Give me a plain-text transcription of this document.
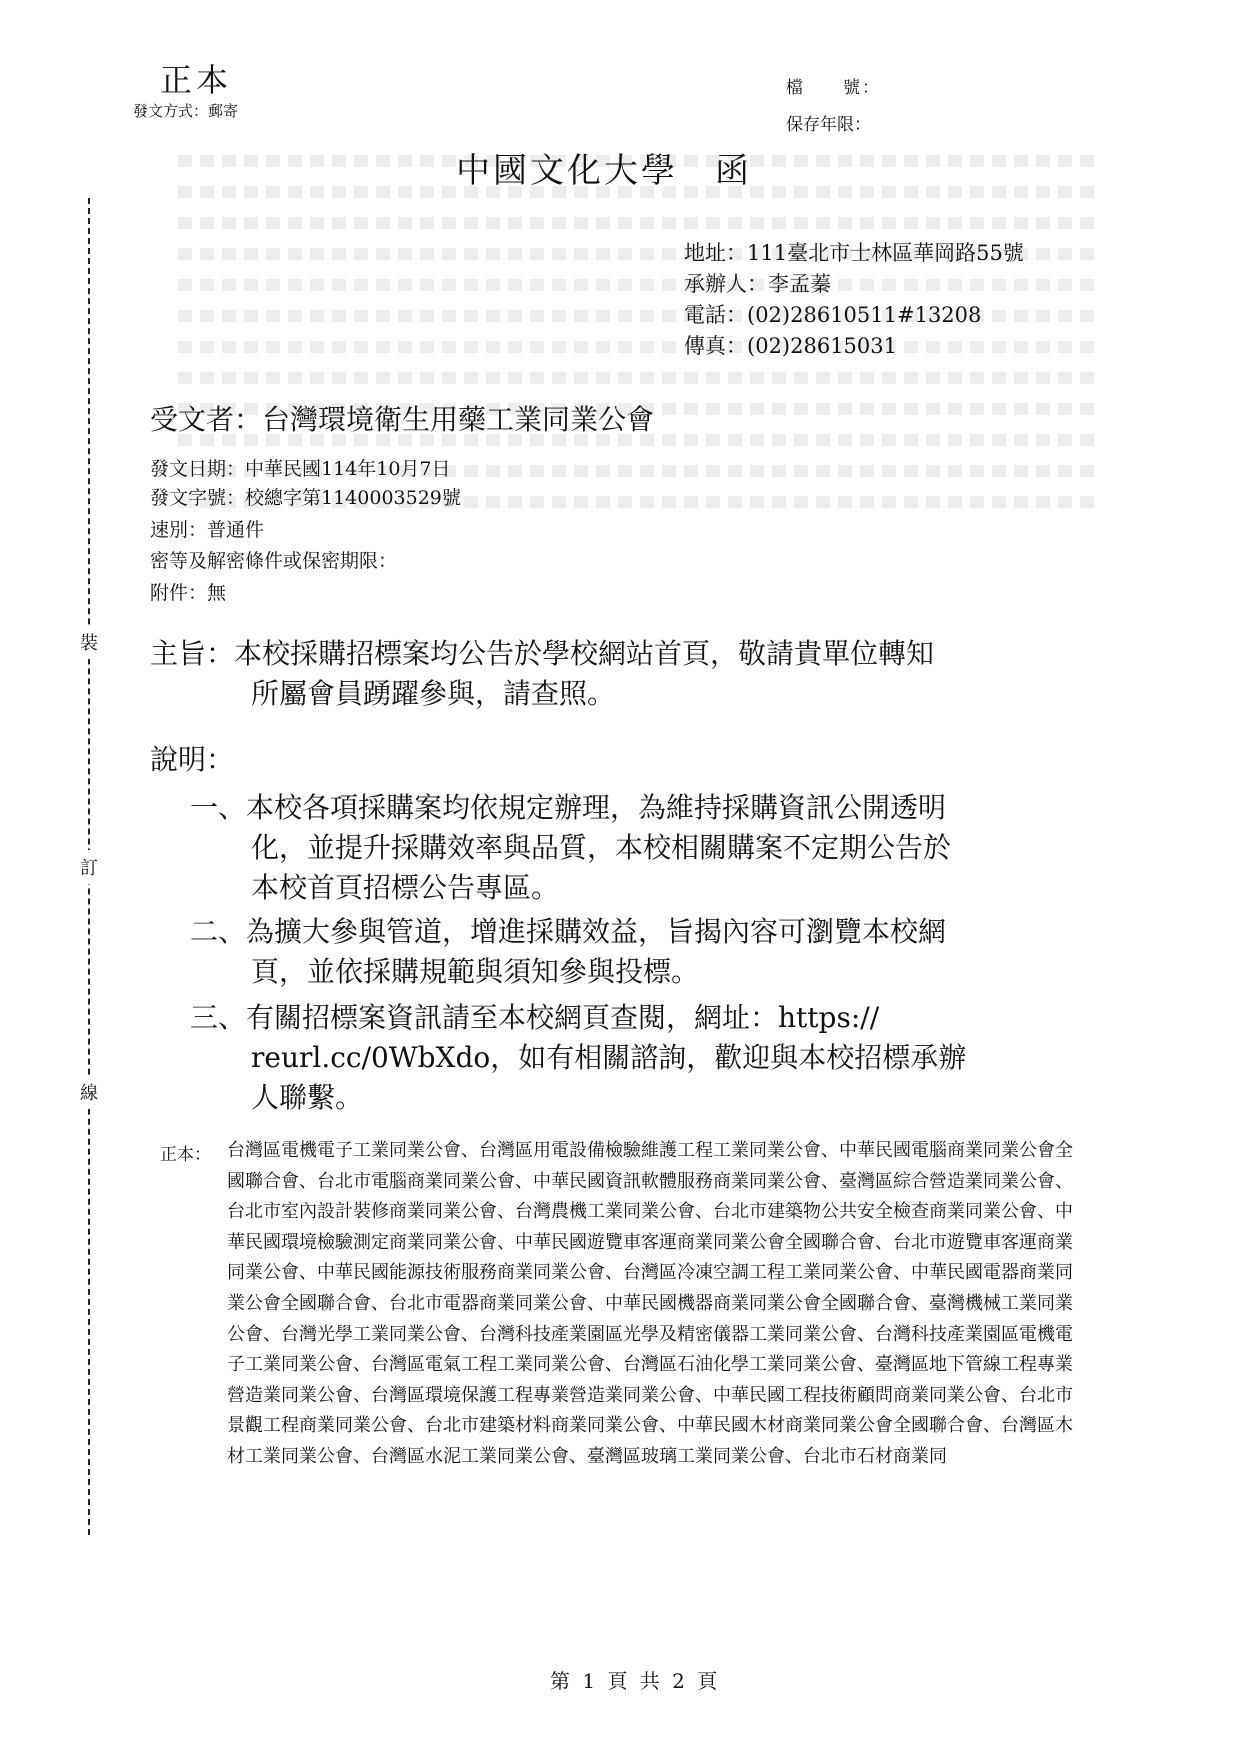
裝
訂
線
正本
發文方式：郵寄
檔　　號：
保存年限：
中國文化大學　函
地址：111臺北市士林區華岡路55號
承辦人：李孟蓁
電話：(02)28610511#13208
傳真：(02)28615031
受文者：台灣環境衛生用藥工業同業公會
發文日期：中華民國114年10月7日
發文字號：校總字第1140003529號
速別：普通件
密等及解密條件或保密期限：
附件：無
主旨：本校採購招標案均公告於學校網站首頁，敬請貴單位轉知
所屬會員踴躍參與，請查照。
說明：
一、本校各項採購案均依規定辦理，為維持採購資訊公開透明
化，並提升採購效率與品質，本校相關購案不定期公告於
本校首頁招標公告專區。
二、為擴大參與管道，增進採購效益，旨揭內容可瀏覽本校網
頁，並依採購規範與須知參與投標。
三、有關招標案資訊請至本校網頁查閱，網址：https://
reurl.cc/0WbXdo，如有相關諮詢，歡迎與本校招標承辦
人聯繫。
正本： 台灣區電機電子工業同業公會、台灣區用電設備檢驗維護工程工業同業公會、中華民國電腦商業同業公會全國聯合會、台北市電腦商業同業公會、中華民國資訊軟體服務商業同業公會、臺灣區綜合營造業同業公會、台北市室內設計裝修商業同業公會、台灣農機工業同業公會、台北市建築物公共安全檢查商業同業公會、中華民國環境檢驗測定商業同業公會、中華民國遊覽車客運商業同業公會全國聯合會、台北市遊覽車客運商業同業公會、中華民國能源技術服務商業同業公會、台灣區冷凍空調工程工業同業公會、中華民國電器商業同業公會全國聯合會、台北市電器商業同業公會、中華民國機器商業同業公會全國聯合會、臺灣機械工業同業公會、台灣光學工業同業公會、台灣科技產業園區光學及精密儀器工業同業公會、台灣科技產業園區電機電子工業同業公會、台灣區電氣工程工業同業公會、台灣區石油化學工業同業公會、臺灣區地下管線工程專業營造業同業公會、台灣區環境保護工程專業營造業同業公會、中華民國工程技術顧問商業同業公會、台北市景觀工程商業同業公會、台北市建築材料商業同業公會、中華民國木材商業同業公會全國聯合會、台灣區木材工業同業公會、台灣區水泥工業同業公會、臺灣區玻璃工業同業公會、台北市石材商業同

第 1 頁 共 2 頁
